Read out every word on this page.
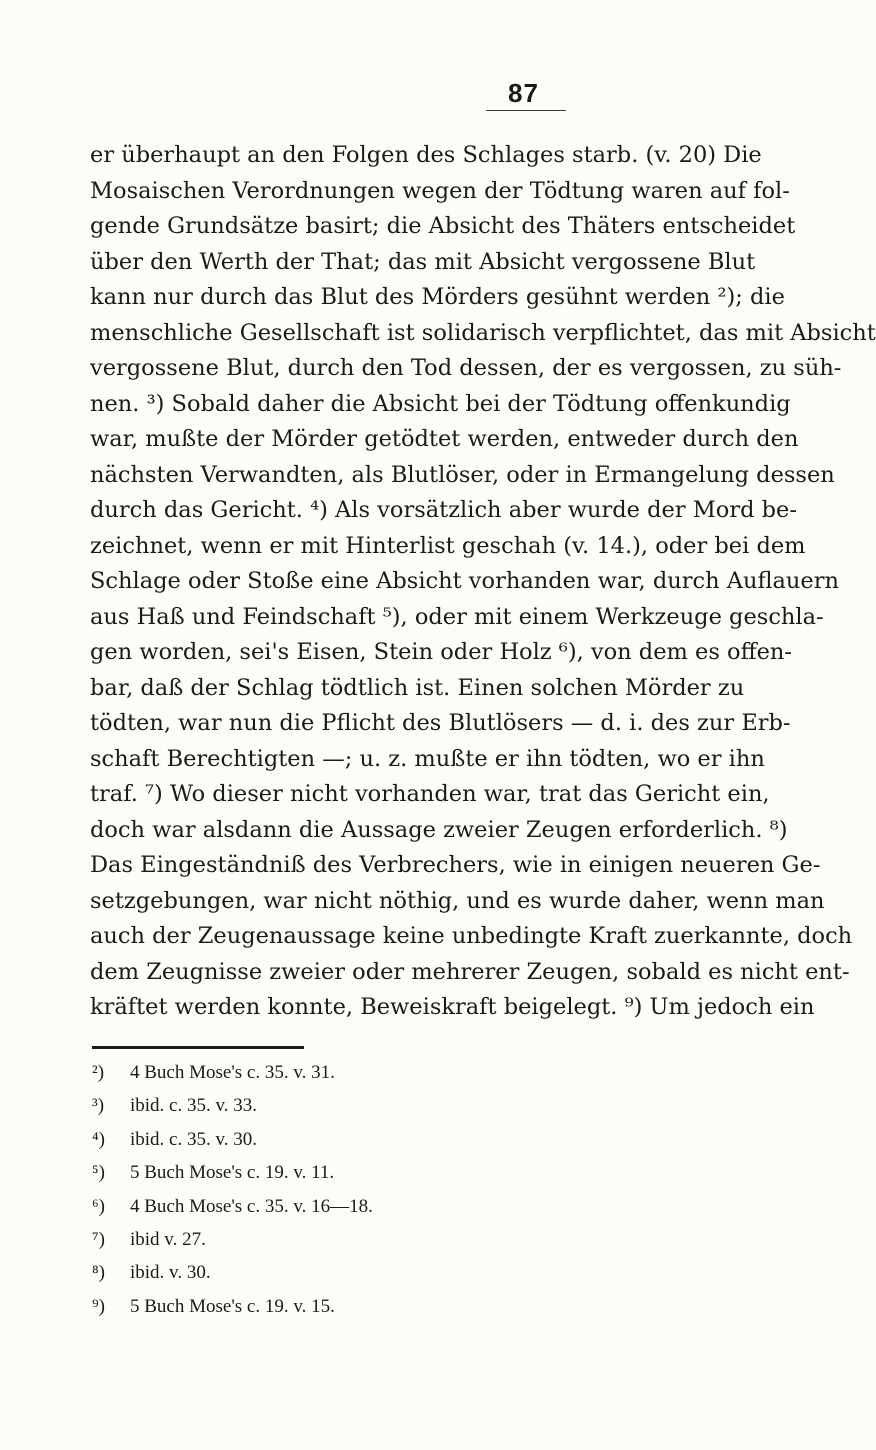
87
er überhaupt an den Folgen des Schlages starb. (v. 20) Die
Mosaischen Verordnungen wegen der Tödtung waren auf fol-
gende Grundsätze basirt; die Absicht des Thäters entscheidet
über den Werth der That; das mit Absicht vergossene Blut
kann nur durch das Blut des Mörders gesühnt werden ²); die
menschliche Gesellschaft ist solidarisch verpflichtet, das mit Absicht
vergossene Blut, durch den Tod dessen, der es vergossen, zu süh-
nen. ³) Sobald daher die Absicht bei der Tödtung offenkundig
war, mußte der Mörder getödtet werden, entweder durch den
nächsten Verwandten, als Blutlöser, oder in Ermangelung dessen
durch das Gericht. ⁴) Als vorsätzlich aber wurde der Mord be-
zeichnet, wenn er mit Hinterlist geschah (v. 14.), oder bei dem
Schlage oder Stoße eine Absicht vorhanden war, durch Auflauern
aus Haß und Feindschaft ⁵), oder mit einem Werkzeuge geschla-
gen worden, sei's Eisen, Stein oder Holz ⁶), von dem es offen-
bar, daß der Schlag tödtlich ist. Einen solchen Mörder zu
tödten, war nun die Pflicht des Blutlösers — d. i. des zur Erb-
schaft Berechtigten —; u. z. mußte er ihn tödten, wo er ihn
traf. ⁷) Wo dieser nicht vorhanden war, trat das Gericht ein,
doch war alsdann die Aussage zweier Zeugen erforderlich. ⁸)
Das Eingeständniß des Verbrechers, wie in einigen neueren Ge-
setzgebungen, war nicht nöthig, und es wurde daher, wenn man
auch der Zeugenaussage keine unbedingte Kraft zuerkannte, doch
dem Zeugnisse zweier oder mehrerer Zeugen, sobald es nicht ent-
kräftet werden konnte, Beweiskraft beigelegt. ⁹) Um jedoch ein
²) 4 Buch Mose's c. 35. v. 31.
³) ibid. c. 35. v. 33.
⁴) ibid. c. 35. v. 30.
⁵) 5 Buch Mose's c. 19. v. 11.
⁶) 4 Buch Mose's c. 35. v. 16—18.
⁷) ibid v. 27.
⁸) ibid. v. 30.
⁹) 5 Buch Mose's c. 19. v. 15.
